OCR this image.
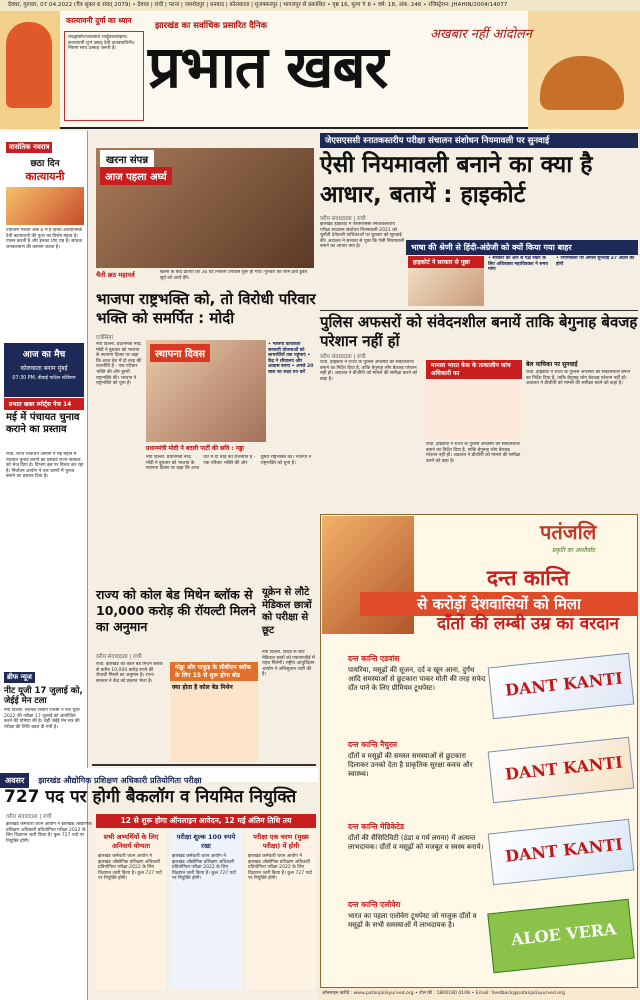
देवघर, गुरुवार, 07.04.2022 (चैत्र शुक्ल 6 संवत् 2079) • देवघर | रांची | पटना | जमशेदपुर | धनबाद | कोलकाता | मुजफ्फरपुर | भागलपुर से प्रकाशित • पृष्ठ 16, मूल्य ₹ 6 • वर्ष: 18, अंक: 246 • रजिस्ट्रेशन: JHAHIN/2004/14077
कात्यायनी दुर्गा का ध्यान
चन्द्रहासोज्ज्वलकरा शार्दूलवरवाहना। कात्यायनी शुभं दद्याद् देवी दानवघातिनी॥ नियमा साथ उत्साह जरूरी है।
झारखंड का सर्वाधिक प्रसारित दैनिक
प्रभात खबर	अखबार नहीं आंदोलन
वासंतिक नवरात्र
छठा दिन
कात्यायनी
ज्योतिष भारती अंक 6 में है हिन्दी आध्यात्मिक देवी कात्यायनी की पूजा का विशेष महत्व है। पालन करती है और इनका ध्येय यह है। साधक जनकल्याण की कामना करता है।
आज का मैच
कोलकाता बनाम मुंबई
07:30 PM, डीवाई पाटिल स्टेडियम
प्रभात खबर स्पोर्ट्स पेज 14
मई में पंचायत चुनाव कराने का प्रस्ताव
रांची. राज्य निर्वाचन आयोग ने मई महीने में पंचायत चुनाव कराने का प्रस्ताव राज्य सरकार को भेज दिया है। विभाग इस पर विचार कर रहा है। निर्वाचन आयोग ने चार चरणों में चुनाव कराने का प्रस्ताव दिया है।
ब्रीफ न्यूज
नीट यूजी 17 जुलाई को, जेईई मेन टला
नयी दिल्ली. नेशनल टेस्टिंग एजेंसी ने नीट यूजी 2022 की परीक्षा 17 जुलाई को आयोजित करने की घोषणा की है। वहीं जेईई मेन सत्र की परीक्षा की तिथि बदल दी गयी है।
खरना संपन्न
आज पहला अर्घ्य
चैती छठ महापर्व	खरना के बाद व्रतियों का 36 घंटे निर्जला उपवास शुरू हो गया। गुरुवार की शाम व्रती डूबते सूर्य को अर्घ्य देंगे।
भाजपा राष्ट्रभक्ति को, तो विरोधी परिवार भक्ति को समर्पित : मोदी
एजेंसियां
नयी दिल्ली. प्रधानमंत्री नरेंद्र मोदी ने बुधवार को भाजपा के स्थापना दिवस पर कहा कि आज देश में दो तरह की राजनीति है - एक परिवार भक्ति की और दूसरी राष्ट्रभक्ति की। भाजपा ने राष्ट्रभक्ति को चुना है।
स्थापना दिवस
• भाजपा कार्यकर्ता सरकारी योजनाओं को लाभार्थियों तक पहुंचाएं • केंद्र ने शौचालय और आवास बनाए • अगले 20 साल का लक्ष्य तय करें
प्रधानमंत्री मोदी ने बदली पार्टी की छवि : नड्डा
नयी दिल्ली. प्रधानमंत्री नरेंद्र मोदी ने बुधवार को भाजपा के स्थापना दिवस पर कहा कि आज देश में दो तरह की राजनीति है - एक परिवार भक्ति की और दूसरी राष्ट्रभक्ति की। भाजपा ने राष्ट्रभक्ति को चुना है।
राज्य को कोल बेड मिथेन ब्लॉक से 10,000 करोड़ की रॉयल्टी मिलने का अनुमान
वरीय संवाददाता | रांची
रांची. झारखंड को कोल बेड मिथेन ब्लॉक से करीब 10,000 करोड़ रुपये की रॉयल्टी मिलने का अनुमान है। राज्य सरकार ने केंद्र को प्रस्ताव भेजा है।
गोड्डा और पाकुड़ के सीबीएम ब्लॉक के लिए 15 से शुरू होगा बोड
क्या होता है कोल बेड मिथेन
यूक्रेन से लौटे मेडिकल छात्रों को परीक्षा से छूट
नयी दिल्ली. विदेश से लौटे मेडिकल छात्रों को एफएमजीई में राहत मिलेगी। राष्ट्रीय आयुर्विज्ञान आयोग ने अधिसूचना जारी की है।
जेएसएससी स्नातकस्तरीय परीक्षा संचालन संशोधन नियमावली पर सुनवाई
ऐसी नियमावली बनाने का क्या है आधार, बतायें : हाइकोर्ट
वरीय संवाददाता | रांची
झारखंड हाइकोर्ट ने जेएसएससी स्नातकस्तरीय परीक्षा संचालन संशोधन नियमावली-2021 को चुनौती देनेवाली याचिकाओं पर बुधवार को सुनवाई की। अदालत ने सरकार से पूछा कि ऐसी नियमावली बनाने का आधार क्या है।	भाषा की श्रेणी से हिंदी-अंग्रेजी को क्यों किया गया बाहर
हाइकोर्ट ने सरकार से पूछा
• सरकार की ओर से पक्ष रखने के लिए अधिवक्ता महाधिवक्ता ने समय मांगा
• नियमावली पर अगली सुनवाई 27 अप्रैल को होगी
पुलिस अफसरों को संवेदनशील बनायें ताकि बेगुनाह बेवजह परेशान नहीं हों
वरीय संवाददाता | रांची
रांची. हाइकोर्ट ने राज्य के पुलिस अफसरों को संवेदनशील बनाने का निर्देश दिया है, ताकि बेगुनाह लोग बेवजह परेशान नहीं हों। अदालत ने डीजीपी को मामले की समीक्षा करने को कहा है।
मामला भारत केस के तत्कालीन जांच अधिकारी का
रांची. हाइकोर्ट ने राज्य के पुलिस अफसरों को संवेदनशील बनाने का निर्देश दिया है, ताकि बेगुनाह लोग बेवजह परेशान नहीं हों। अदालत ने डीजीपी को मामले की समीक्षा करने को कहा है।
बेल याचिका पर सुनवाई
रांची. हाइकोर्ट ने राज्य के पुलिस अफसरों को संवेदनशील बनाने का निर्देश दिया है, ताकि बेगुनाह लोग बेवजह परेशान नहीं हों। अदालत ने डीजीपी को मामले की समीक्षा करने को कहा है।
पतंजलि
प्रकृति का आशीर्वाद
दन्त कान्ति
से करोड़ों देशवासियों को मिला
दाँतों की लम्बी उम्र का वरदान
दन्त कान्ति एडवांस
पायरिया, मसूढ़ों की सूजन, दर्द व खून आना, दुर्गंध आदि समस्याओं से छुटकारा पाकर मोती की तरह सफेद दाँत पाने के लिए प्रीमियम टूथपेस्ट।	DANT KANTI
दन्त कान्ति नैचुरल
दाँतों व मसूढ़ों की समस्त समस्याओं से छुटकारा दिलाकर उनको देता है प्राकृतिक सुरक्षा कवच और स्वास्थ्य।	DANT KANTI
दन्त कान्ति मेडिकेटेड
दाँतों की सैंसिटिविटी (ठंडा व गर्म लगना) में अत्यन्त लाभदायक। दाँतों व मसूढ़ों को मजबूत व स्वस्थ बनाये। DANT KANTI
दन्त कान्ति एलोवेरा
भारत का पहला एलोवेरा टूथपेस्ट जो नाजुक दाँतों व मसूढ़ों के सभी समस्याओं में लाभदायक है।	ALOE VERA
ऑनलाइन खरीदें : www.patanjaliayurved.org • टोल फ्री : 1800180 4108 • Email: feedback@patanjaliayurved.org
अवसर झारखंड औद्योगिक प्रशिक्षण अधिकारी प्रतियोगिता परीक्षा
727 पद पर होगी बैकलॉग व नियमित नियुक्ति
वरीय संवाददाता | रांची
झारखंड कर्मचारी चयन आयोग ने झारखंड औद्योगिक प्रशिक्षण अधिकारी प्रतियोगिता परीक्षा-2022 के लिए विज्ञापन जारी किया है। कुल 727 पदों पर नियुक्ति होगी।
12 से शुरू होगा ऑनलाइन आवेदन, 12 मई अंतिम तिथि तय
सभी अभ्यर्थियों के लिए अनिवार्य योग्यता
झारखंड कर्मचारी चयन आयोग ने झारखंड औद्योगिक प्रशिक्षण अधिकारी प्रतियोगिता परीक्षा-2022 के लिए विज्ञापन जारी किया है। कुल 727 पदों पर नियुक्ति होगी।
परीक्षा शुल्क 100 रुपये रखा
झारखंड कर्मचारी चयन आयोग ने झारखंड औद्योगिक प्रशिक्षण अधिकारी प्रतियोगिता परीक्षा-2022 के लिए विज्ञापन जारी किया है। कुल 727 पदों पर नियुक्ति होगी।
परीक्षा एक चरण (मुख्य परीक्षा) में होगी
झारखंड कर्मचारी चयन आयोग ने झारखंड औद्योगिक प्रशिक्षण अधिकारी प्रतियोगिता परीक्षा-2022 के लिए विज्ञापन जारी किया है। कुल 727 पदों पर नियुक्ति होगी।
